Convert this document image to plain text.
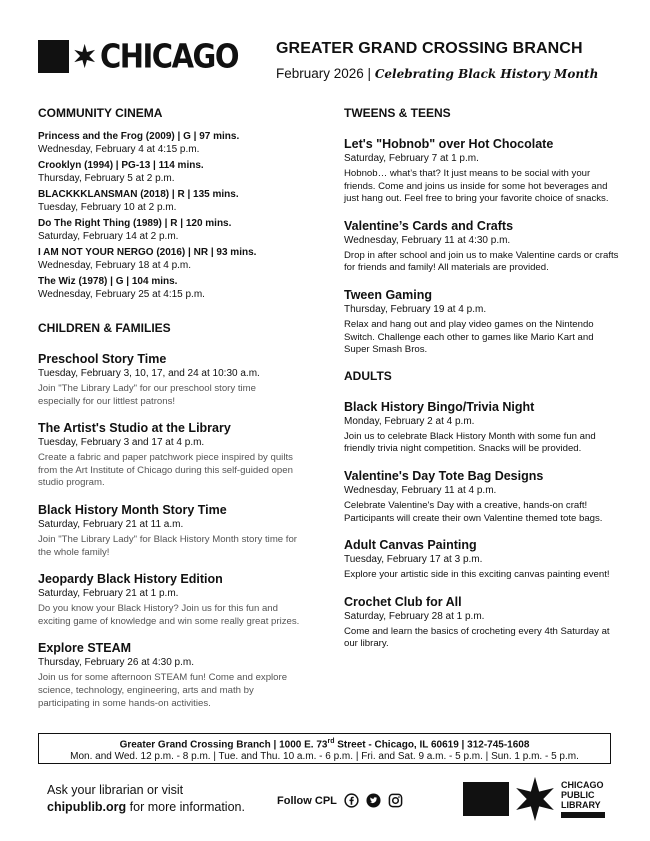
CHICAGO GREATER GRAND CROSSING BRANCH
February 2026 | Celebrating Black History Month
COMMUNITY CINEMA
Princess and the Frog (2009) | G | 97 mins.
Wednesday, February 4 at 4:15 p.m.
Crooklyn (1994) | PG-13 | 114 mins.
Thursday, February 5 at 2 p.m.
BLACKKKLANSMAN (2018) | R | 135 mins.
Tuesday, February 10 at 2 p.m.
Do The Right Thing (1989) | R | 120 mins.
Saturday, February 14 at 2 p.m.
I AM NOT YOUR NERGO (2016) | NR | 93 mins.
Wednesday, February 18 at 4 p.m.
The Wiz (1978) | G | 104 mins.
Wednesday, February 25 at 4:15 p.m.
CHILDREN & FAMILIES
Preschool Story Time
Tuesday, February 3, 10, 17, and 24 at 10:30 a.m.
Join "The Library Lady" for our preschool story time especially for our littlest patrons!
The Artist's Studio at the Library
Tuesday, February 3 and 17 at 4 p.m.
Create a fabric and paper patchwork piece inspired by quilts from the Art Institute of Chicago during this self-guided open studio program.
Black History Month Story Time
Saturday, February 21 at 11 a.m.
Join "The Library Lady" for Black History Month story time for the whole family!
Jeopardy Black History Edition
Saturday, February 21 at 1 p.m.
Do you know your Black History? Join us for this fun and exciting game of knowledge and win some really great prizes.
Explore STEAM
Thursday, February 26 at 4:30 p.m.
Join us for some afternoon STEAM fun! Come and explore science, technology, engineering, arts and math by participating in some hands-on activities.
TWEENS & TEENS
Let's "Hobnob" over Hot Chocolate
Saturday, February 7 at 1 p.m.
Hobnob… what’s that? It just means to be social with your friends. Come and joins us inside for some hot beverages and just hang out. Feel free to bring your favorite choice of snacks.
Valentine’s Cards and Crafts
Wednesday, February 11 at 4:30 p.m.
Drop in after school and join us to make Valentine cards or crafts for friends and family! All materials are provided.
Tween Gaming
Thursday, February 19 at 4 p.m.
Relax and hang out and play video games on the Nintendo Switch. Challenge each other to games like Mario Kart and Super Smash Bros.
ADULTS
Black History Bingo/Trivia Night
Monday, February 2 at 4 p.m.
Join us to celebrate Black History Month with some fun and friendly trivia night competition. Snacks will be provided.
Valentine's Day Tote Bag Designs
Wednesday, February 11 at 4 p.m.
Celebrate Valentine's Day with a creative, hands-on craft! Participants will create their own Valentine themed tote bags.
Adult Canvas Painting
Tuesday, February 17 at 3 p.m.
Explore your artistic side in this exciting canvas painting event!
Crochet Club for All
Saturday, February 28 at 1 p.m.
Come and learn the basics of crocheting every 4th Saturday at our library.
Greater Grand Crossing Branch | 1000 E. 73rd Street - Chicago, IL 60619 | 312-745-1608
Mon. and Wed. 12 p.m. - 8 p.m. | Tue. and Thu. 10 a.m. - 6 p.m. | Fri. and Sat. 9 a.m. - 5 p.m. | Sun. 1 p.m. - 5 p.m.
Ask your librarian or visit
chipublib.org for more information.	Follow CPL
CHICAGO
PUBLIC
LIBRARY
